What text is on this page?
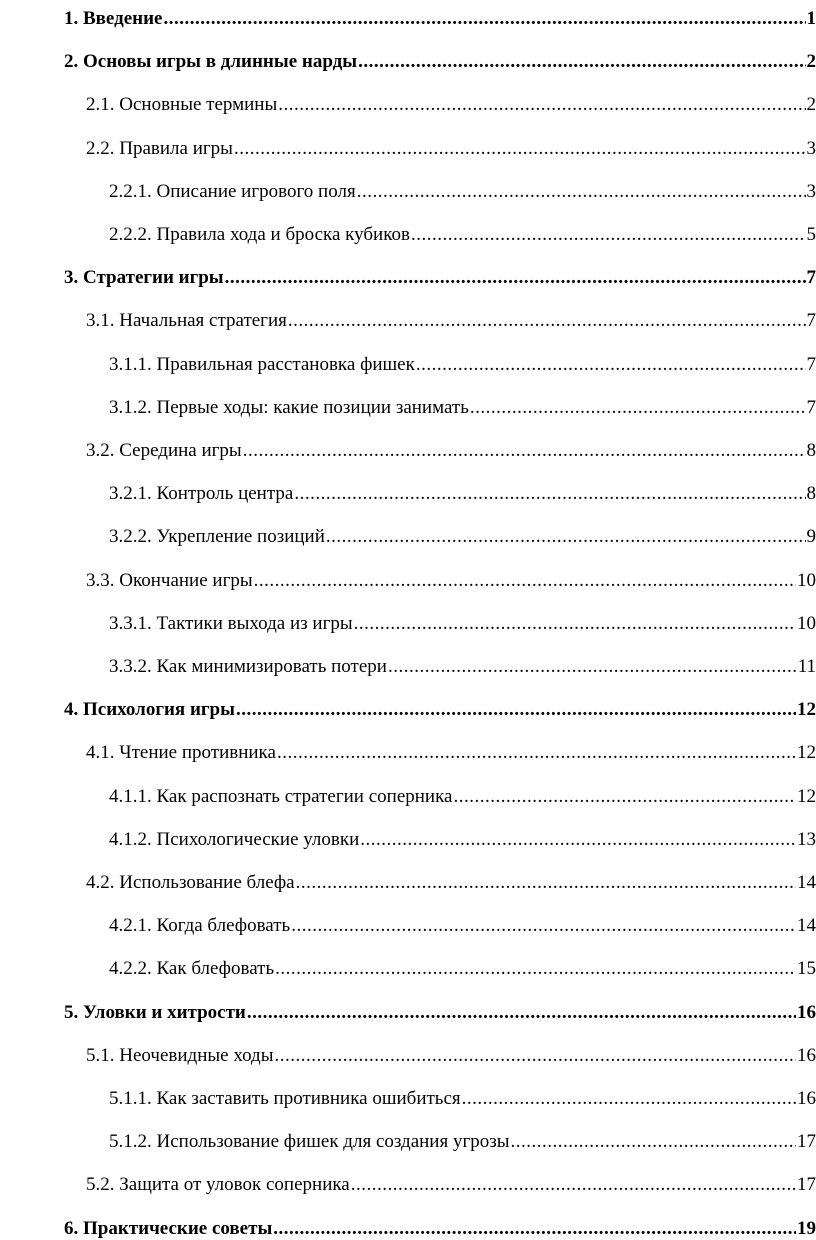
1. Введение .....	1
2. Основы игры в длинные нарды .....	2
2.1. Основные термины .....	2
2.2. Правила игры .....	3
2.2.1. Описание игрового поля .....	3
2.2.2. Правила хода и броска кубиков .....	5
3. Стратегии игры .....	7
3.1. Начальная стратегия .....	7
3.1.1. Правильная расстановка фишек .....	7
3.1.2. Первые ходы: какие позиции занимать .....	7
3.2. Середина игры .....	8
3.2.1. Контроль центра .....	8
3.2.2. Укрепление позиций .....	9
3.3. Окончание игры .....	10
3.3.1. Тактики выхода из игры .....	10
3.3.2. Как минимизировать потери .....	11
4. Психология игры .....	12
4.1. Чтение противника .....	12
4.1.1. Как распознать стратегии соперника .....	12
4.1.2. Психологические уловки .....	13
4.2. Использование блефа .....	14
4.2.1. Когда блефовать .....	14
4.2.2. Как блефовать .....	15
5. Уловки и хитрости .....	16
5.1. Неочевидные ходы .....	16
5.1.1. Как заставить противника ошибиться .....	16
5.1.2. Использование фишек для создания угрозы .....	17
5.2. Защита от уловок соперника .....	17
6. Практические советы .....	19
